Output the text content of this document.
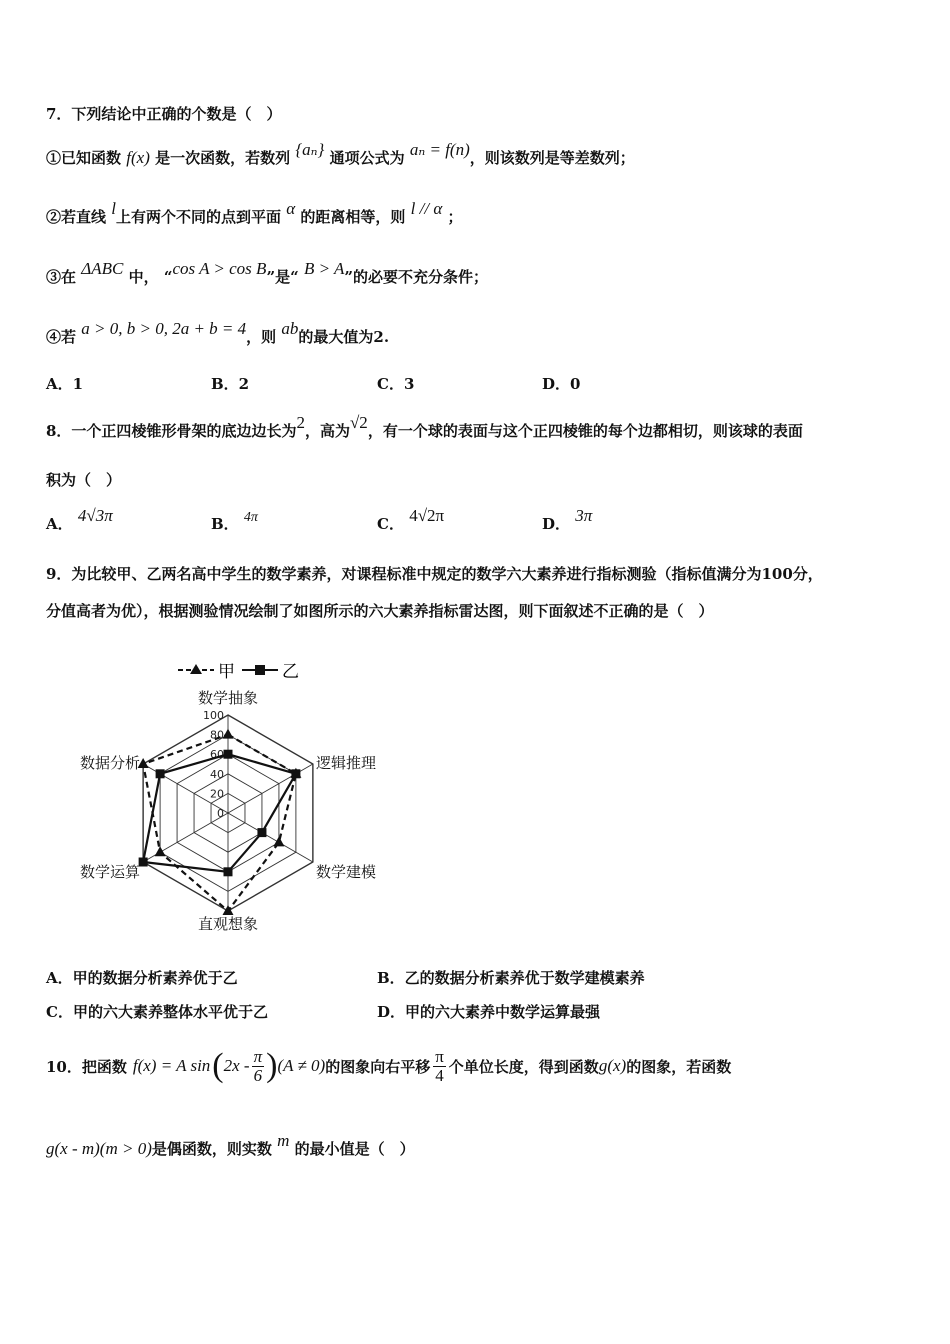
7．下列结论中正确的个数是（　）
①已知函数 f(x) 是一次函数，若数列 {aₙ} 通项公式为 aₙ = f(n)，则该数列是等差数列；
②若直线 l上有两个不同的点到平面 α 的距离相等，则 l // α ；
③在 ΔABC 中， “cos A > cos B”是“ B > A”的必要不充分条件；
④若 a > 0, b > 0, 2a + b = 4，则 ab的最大值为2.
A．1	B．2	C．3	D．0
8．一个正四棱锥形骨架的底边边长为2，高为√2，有一个球的表面与这个正四棱锥的每个边都相切，则该球的表面
积为（　）
A． 4√3π	B． 4π	C． 4√2π	D． 3π
9．为比较甲、乙两名高中学生的数学素养，对课程标准中规定的数学六大素养进行指标测验（指标值满分为100分，
分值高者为优），根据测验情况绘制了如图所示的六大素养指标雷达图，则下面叙述不正确的是（　）
甲	乙
100
80
60
40
20
0
数学抽象
逻辑推理
数学建模
直观想象
数学运算
数据分析
A．甲的数据分析素养优于乙	B．乙的数据分析素养优于数学建模素养
C．甲的六大素养整体水平优于乙	D．甲的六大素养中数学运算最强
10．把函数 f(x) = A sin ( $2x - \frac{\pi}{6}$ ) (A ≠ 0) 的图象向右平移 $\frac{\pi}{4}$ 个单位长度，得到函数 g(x) 的图象，若函数
g(x - m)(m > 0)是偶函数，则实数 m 的最小值是（　）
